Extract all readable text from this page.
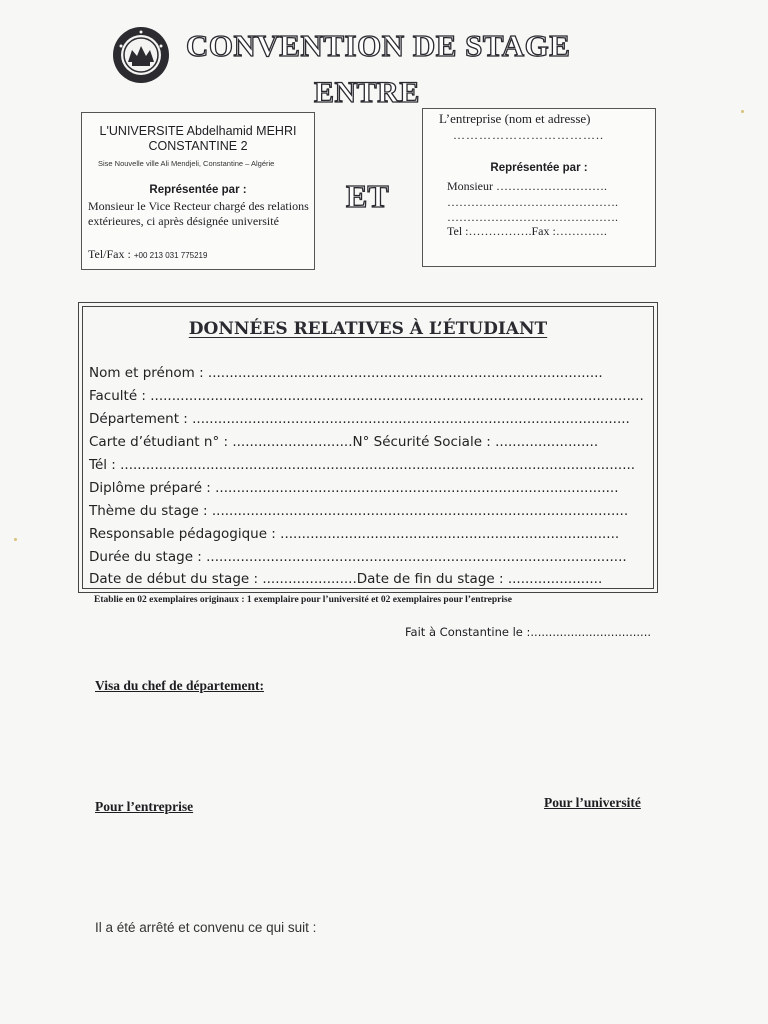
CONVENTION DE STAGE
ENTRE
ET
L'UNIVERSITE Abdelhamid MEHRI
CONSTANTINE 2
Sise Nouvelle ville Ali Mendjeli, Constantine – Algérie
Représentée par :
Monsieur le Vice Recteur chargé des relations extérieures, ci après désignée université
Tel/Fax : +00 213 031 775219
L’entreprise (nom et adresse)
……………………………..
Représentée par :
Monsieur ……………………….
…………………………………….
…………………………………….
Tel :…………….Fax :………….
DONNÉES RELATIVES À L’ÉTUDIANT
Nom et prénom : ............................................................................................
Faculté : ...................................................................................................................
Département : ......................................................................................................
Carte d’étudiant n° : ............................N° Sécurité Sociale : ........................
Tél : ........................................................................................................................
Diplôme préparé : ..............................................................................................
Thème du stage : .................................................................................................
Responsable pédagogique : ...............................................................................
Durée du stage : ..................................................................................................
Date de début du stage : ......................Date de fin du stage : ......................
Etablie en 02 exemplaires originaux : 1 exemplaire pour l’université et 02 exemplaires pour l’entreprise
Fait à Constantine le :.................................
Visa du chef de département:
Pour l’entreprise	Pour l’université
Il a été arrêté et convenu ce qui suit :
